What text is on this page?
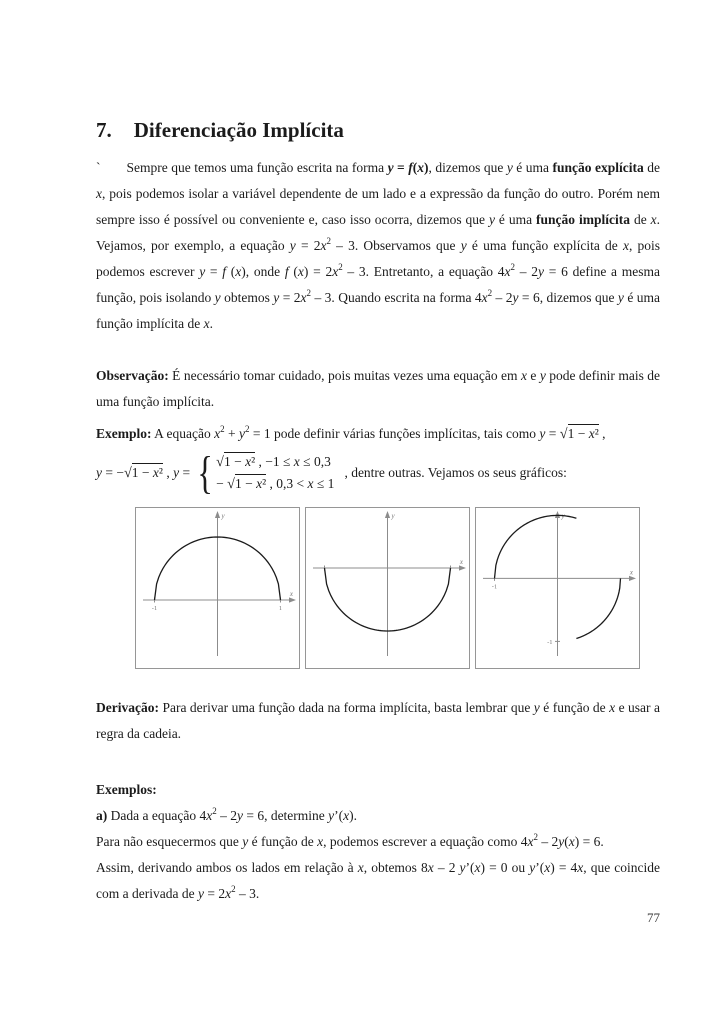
7. Diferenciação Implícita

` Sempre que temos uma função escrita na forma y = f(x), dizemos que y é uma função explícita de x, pois podemos isolar a variável dependente de um lado e a expressão da função do outro. Porém nem sempre isso é possível ou conveniente e, caso isso ocorra, dizemos que y é uma função implícita de x. Vejamos, por exemplo, a equação $y = 2x^2 - 3$. Observamos que y é uma função explícita de x, pois podemos escrever y = f (x), onde f $(x) = 2x^2 - 3$. Entretanto, a equação $4x^2 - 2y = 6$ define a mesma função, pois isolando y obtemos $y = 2x^2 - 3$. Quando escrita na forma $4x^2 - 2y = 6$, dizemos que y é uma função implícita de x.

Observação: É necessário tomar cuidado, pois muitas vezes uma equação em x e y pode definir mais de uma função implícita.

Exemplo: A equação $x^2 + y^2 = 1$ pode definir várias funções implícitas, tais como y = √1 − x² ,

y = −√1 − x² , y = { √1 − x² , −1 ≤ x ≤ 0,3
− √1 − x² , 0,3 < x ≤ 1
, dentre outras. Vejamos os seus gráficos:
x
y
-1	1
x
y
x
y
-1
-1

Derivação: Para derivar uma função dada na forma implícita, basta lembrar que y é função de x e usar a regra da cadeia.

Exemplos:

a) Dada a equação $4x^2 - 2y = 6$, determine y’(x).

Para não esquecermos que y é função de x, podemos escrever a equação como $4x^2 - 2y(x) = 6$.

Assim, derivando ambos os lados em relação à x, obtemos 8x – 2 y’(x) = 0 ou y’(x) = 4x, que coincide com a derivada de $y = 2x^2 - 3$.

77
